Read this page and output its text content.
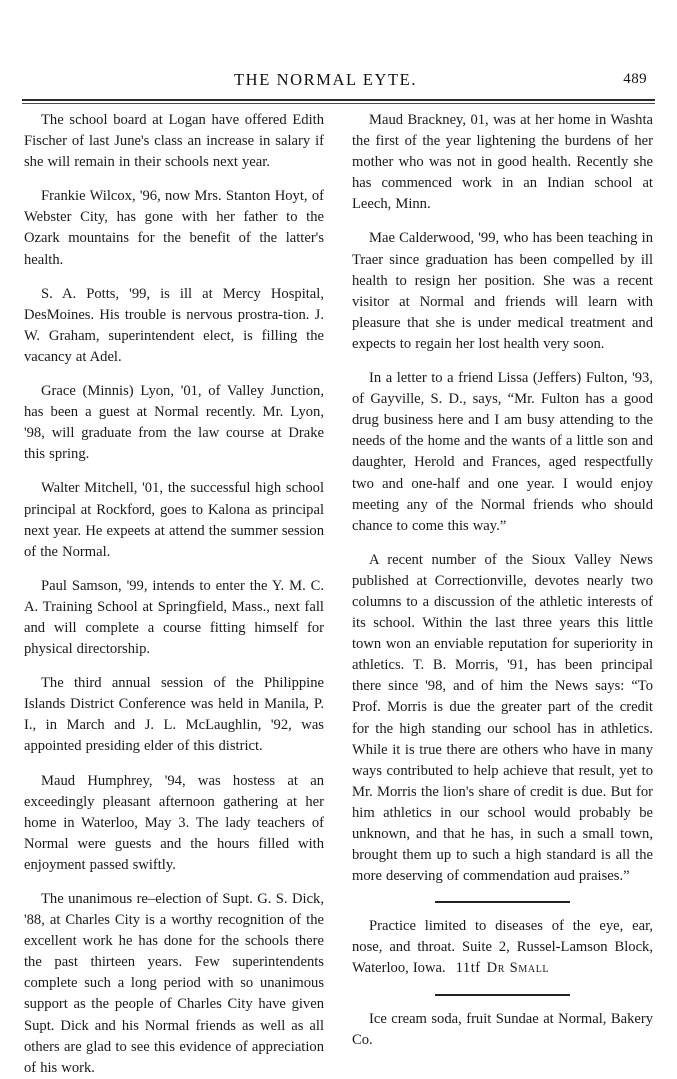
THE NORMAL EYTE.	489

The school board at Logan have offered Edith Fischer of last June's class an increase in salary if she will remain in their schools next year.

Frankie Wilcox, '96, now Mrs. Stanton Hoyt, of Webster City, has gone with her father to the Ozark mountains for the benefit of the latter's health.

S. A. Potts, '99, is ill at Mercy Hospital, DesMoines. His trouble is nervous prostra-tion. J. W. Graham, superintendent elect, is filling the vacancy at Adel.

Grace (Minnis) Lyon, '01, of Valley Junction, has been a guest at Normal recently. Mr. Lyon, '98, will graduate from the law course at Drake this spring.

Walter Mitchell, '01, the successful high school principal at Rockford, goes to Kalona as principal next year. He expeets at attend the summer session of the Normal.

Paul Samson, '99, intends to enter the Y. M. C. A. Training School at Springfield, Mass., next fall and will complete a course fitting himself for physical directorship.

The third annual session of the Philippine Islands District Conference was held in Manila, P. I., in March and J. L. McLaughlin, '92, was appointed presiding elder of this district.

Maud Humphrey, '94, was hostess at an exceedingly pleasant afternoon gathering at her home in Waterloo, May 3. The lady teachers of Normal were guests and the hours filled with enjoyment passed swiftly.

The unanimous re–election of Supt. G. S. Dick, '88, at Charles City is a worthy recognition of the excellent work he has done for the schools there the past thirteen years. Few superintendents complete such a long period with so unanimous support as the people of Charles City have given Supt. Dick and his Normal friends as well as all others are glad to see this evidence of appreciation of his work.

Maud Brackney, 01, was at her home in Washta the first of the year lightening the burdens of her mother who was not in good health. Recently she has commenced work in an Indian school at Leech, Minn.

Mae Calderwood, '99, who has been teaching in Traer since graduation has been compelled by ill health to resign her position. She was a recent visitor at Normal and friends will learn with pleasure that she is under medical treatment and expects to regain her lost health very soon.

In a letter to a friend Lissa (Jeffers) Fulton, '93, of Gayville, S. D., says, “Mr. Fulton has a good drug business here and I am busy attending to the needs of the home and the wants of a little son and daughter, Herold and Frances, aged respectfully two and one-half and one year. I would enjoy meeting any of the Normal friends who should chance to come this way.”

A recent number of the Sioux Valley News published at Correctionville, devotes nearly two columns to a discussion of the athletic interests of its school. Within the last three years this little town won an enviable reputation for superiority in athletics. T. B. Morris, '91, has been principal there since '98, and of him the News says: “To Prof. Morris is due the greater part of the credit for the high standing our school has in athletics. While it is true there are others who have in many ways contributed to help achieve that result, yet to Mr. Morris the lion's share of credit is due. But for him athletics in our school would probably be unknown, and that he has, in such a small town, brought them up to such a high standard is all the more deserving of commendation aud praises.”

Practice limited to diseases of the eye, ear, nose, and throat. Suite 2, Russel-Lamson Block, Waterloo, Iowa. 11tf Dr Small

Ice cream soda, fruit Sundae at Normal, Bakery Co.
